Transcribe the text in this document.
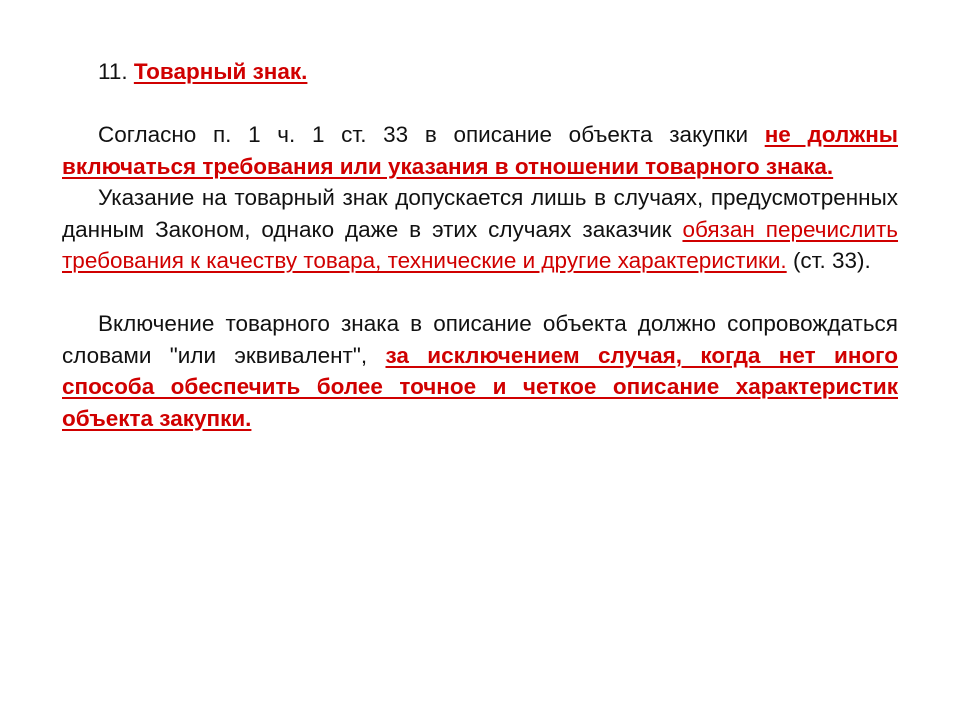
11. Товарный знак.

Согласно п. 1 ч. 1 ст. 33 в описание объекта закупки не должны включаться требования или указания в отношении товарного знака.

Указание на товарный знак допускается лишь в случаях, предусмотренных данным Законом, однако даже в этих случаях заказчик обязан перечислить требования к качеству товара, технические и другие характеристики. (ст. 33).

Включение товарного знака в описание объекта должно сопровождаться словами "или эквивалент", за исключением случая, когда нет иного способа обеспечить более точное и четкое описание характеристик объекта закупки.
